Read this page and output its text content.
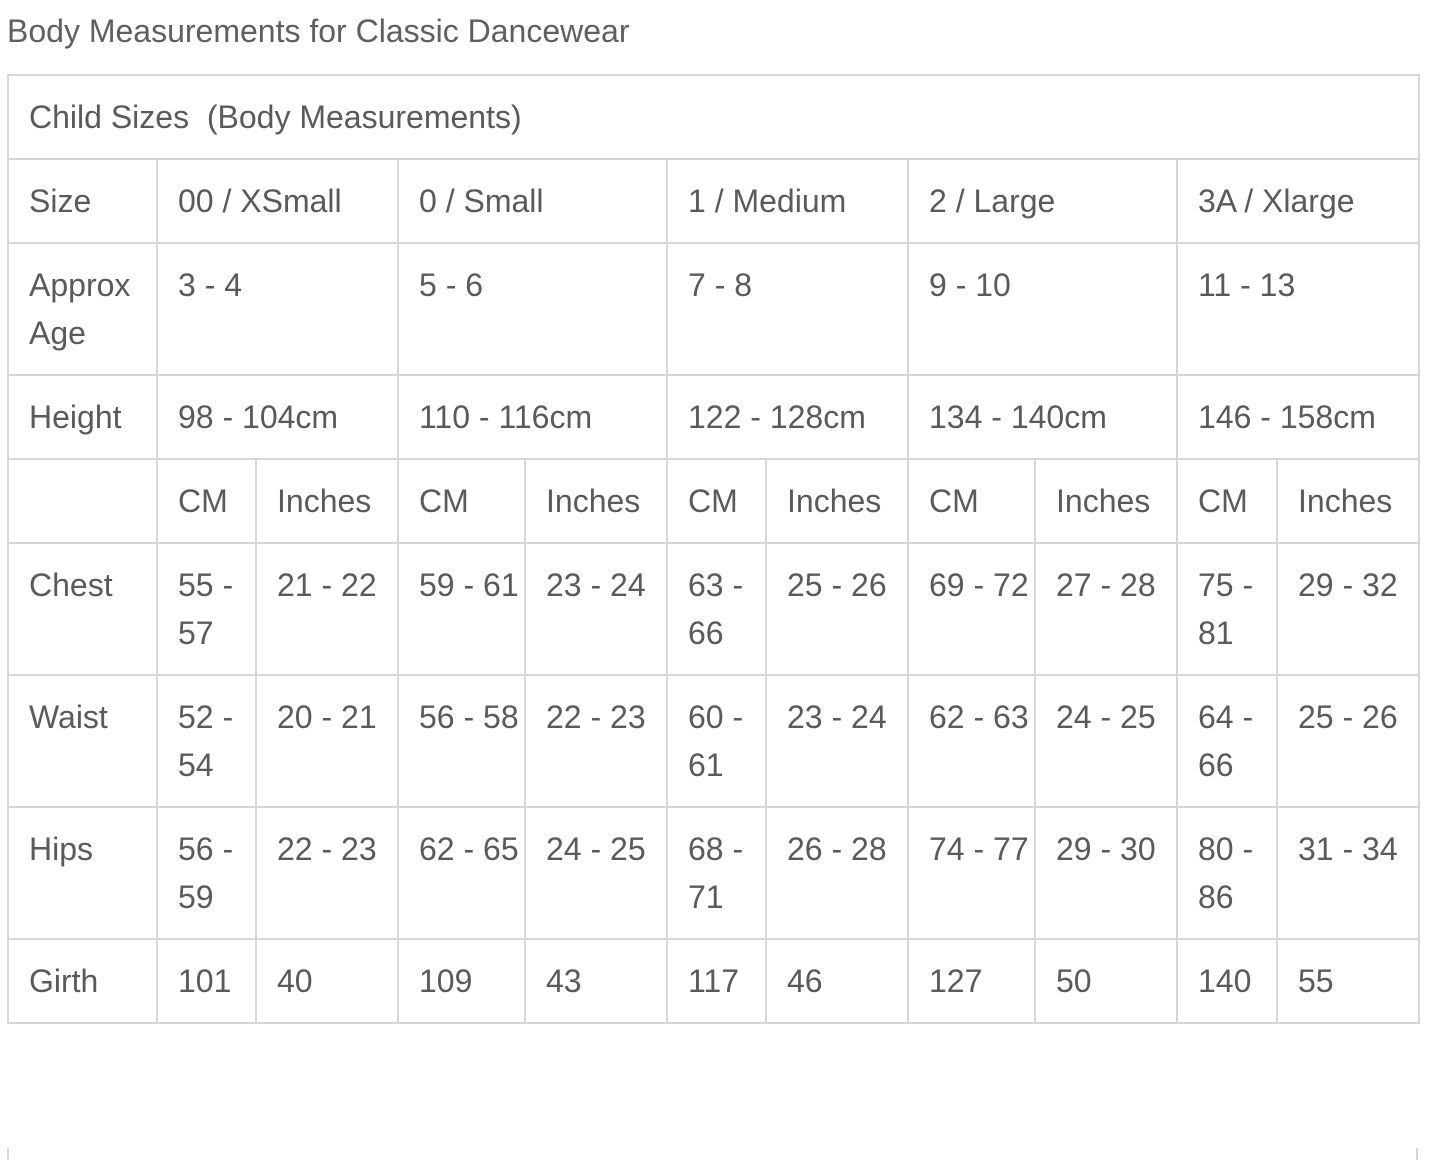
Body Measurements for Classic Dancewear
Child Sizes  (Body Measurements)										
Size	00 / XSmall		0 / Small		1 / Medium		2 / Large		3A / Xlarge	
Approx Age	3 - 4		5 - 6		7 - 8		9 - 10		11 - 13	
Height	98 - 104cm		110 - 116cm		122 - 128cm		134 - 140cm		146 - 158cm	
	CM	Inches	CM	Inches	CM	Inches	CM	Inches	CM	Inches
Chest	55 - 57	21 - 22	59 - 61	23 - 24	63 - 66	25 - 26	69 - 72	27 - 28	75 - 81	29 - 32
Waist	52 - 54	20 - 21	56 - 58	22 - 23	60 - 61	23 - 24	62 - 63	24 - 25	64 - 66	25 - 26
Hips	56 - 59	22 - 23	62 - 65	24 - 25	68 - 71	26 - 28	74 - 77	29 - 30	80 - 86	31 - 34
Girth	101	40	109	43	117	46	127	50	140	55
